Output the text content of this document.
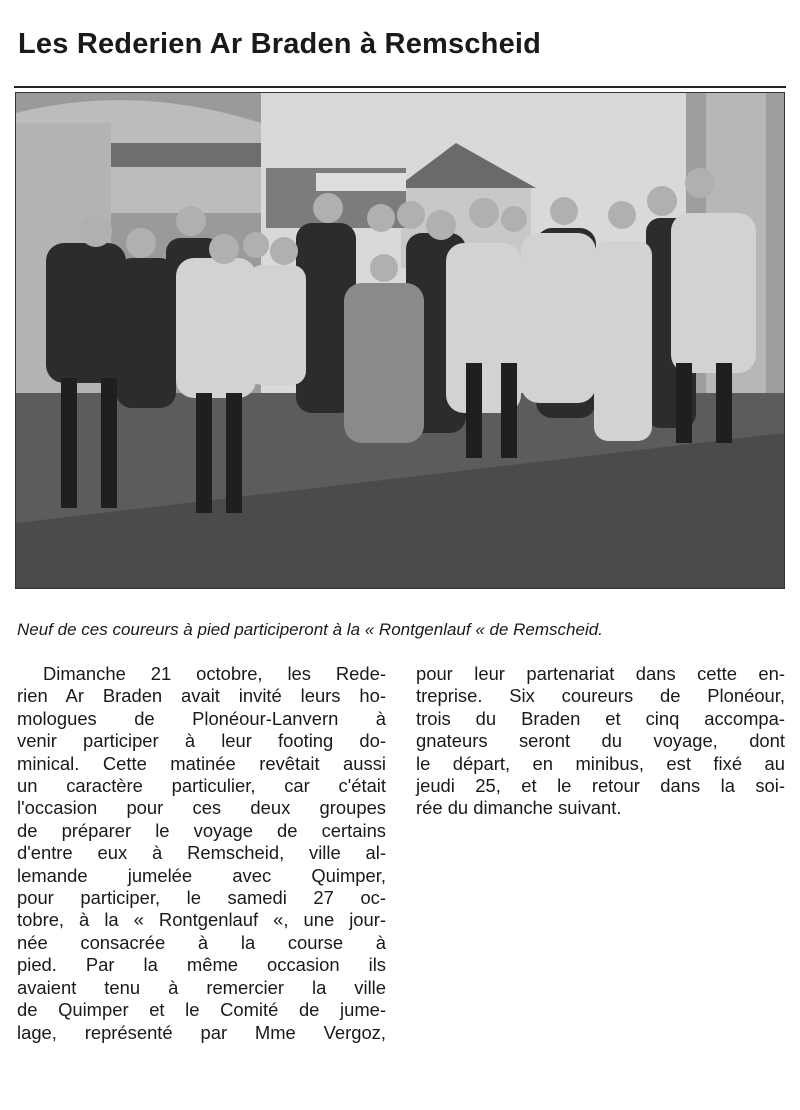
Les Rederien Ar Braden à Remscheid

Neuf de ces coureurs à pied participeront à la « Rontgenlauf « de Remscheid.

Dimanche 21 octobre, les Rede-

rien Ar Braden avait invité leurs ho-

mologues de Plonéour-Lanvern à

venir participer à leur footing do-

minical. Cette matinée revêtait aussi

un caractère particulier, car c'était

l'occasion pour ces deux groupes

de préparer le voyage de certains

d'entre eux à Remscheid, ville al-

lemande jumelée avec Quimper,

pour participer, le samedi 27 oc-

tobre, à la « Rontgenlauf «, une jour-

née consacrée à la course à

pied. Par la même occasion ils

avaient tenu à remercier la ville

de Quimper et le Comité de jume-

lage, représenté par Mme Vergoz,

pour leur partenariat dans cette en-

treprise. Six coureurs de Plonéour,

trois du Braden et cinq accompa-

gnateurs seront du voyage, dont

le départ, en minibus, est fixé au

jeudi 25, et le retour dans la soi-

rée du dimanche suivant.
